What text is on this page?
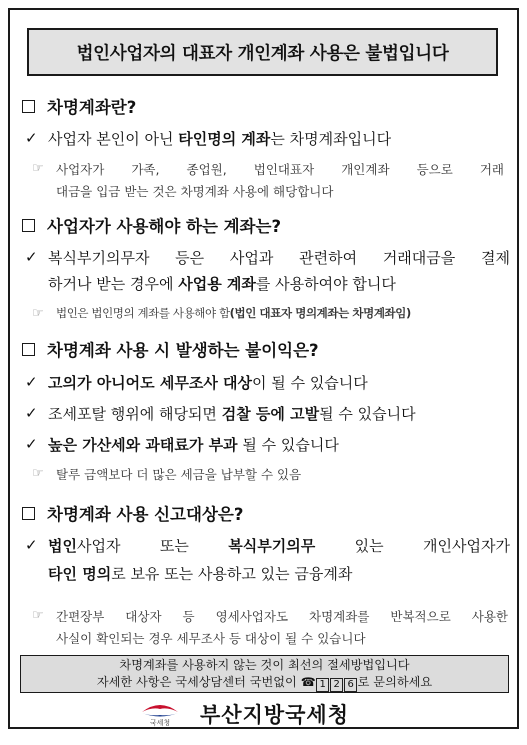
법인사업자의 대표자 개인계좌 사용은 불법입니다
차명계좌란?
✓ 사업자 본인이 아닌 타인명의 계좌는 차명계좌입니다
☞ 사업자가 가족, 종업원, 법인대표자 개인계좌 등으로 거래
대금을 입금 받는 것은 차명계좌 사용에 해당합니다
사업자가 사용해야 하는 계좌는?
✓ 복식부기의무자 등은 사업과 관련하여 거래대금을 결제
하거나 받는 경우에 사업용 계좌를 사용하여야 합니다
☞ 법인은 법인명의 계좌를 사용해야 함(법인 대표자 명의계좌는 차명계좌임)
차명계좌 사용 시 발생하는 불이익은?
✓ 고의가 아니어도 세무조사 대상이 될 수 있습니다
✓ 조세포탈 행위에 해당되면 검찰 등에 고발될 수 있습니다
✓ 높은 가산세와 과태료가 부과 될 수 있습니다
☞ 탈루 금액보다 더 많은 세금을 납부할 수 있음
차명계좌 사용 신고대상은?
✓ 법인사업자 또는 복식부기의무 있는 개인사업자가
타인 명의로 보유 또는 사용하고 있는 금융계좌
☞ 간편장부 대상자 등 영세사업자도 차명계좌를 반복적으로 사용한
사실이 확인되는 경우 세무조사 등 대상이 될 수 있습니다
차명계좌를 사용하지 않는 것이 최선의 절세방법입니다
자세한 사항은 국세상담센터 국번없이 ☎ 1 2 6 로 문의하세요
국세청 부산지방국세청
